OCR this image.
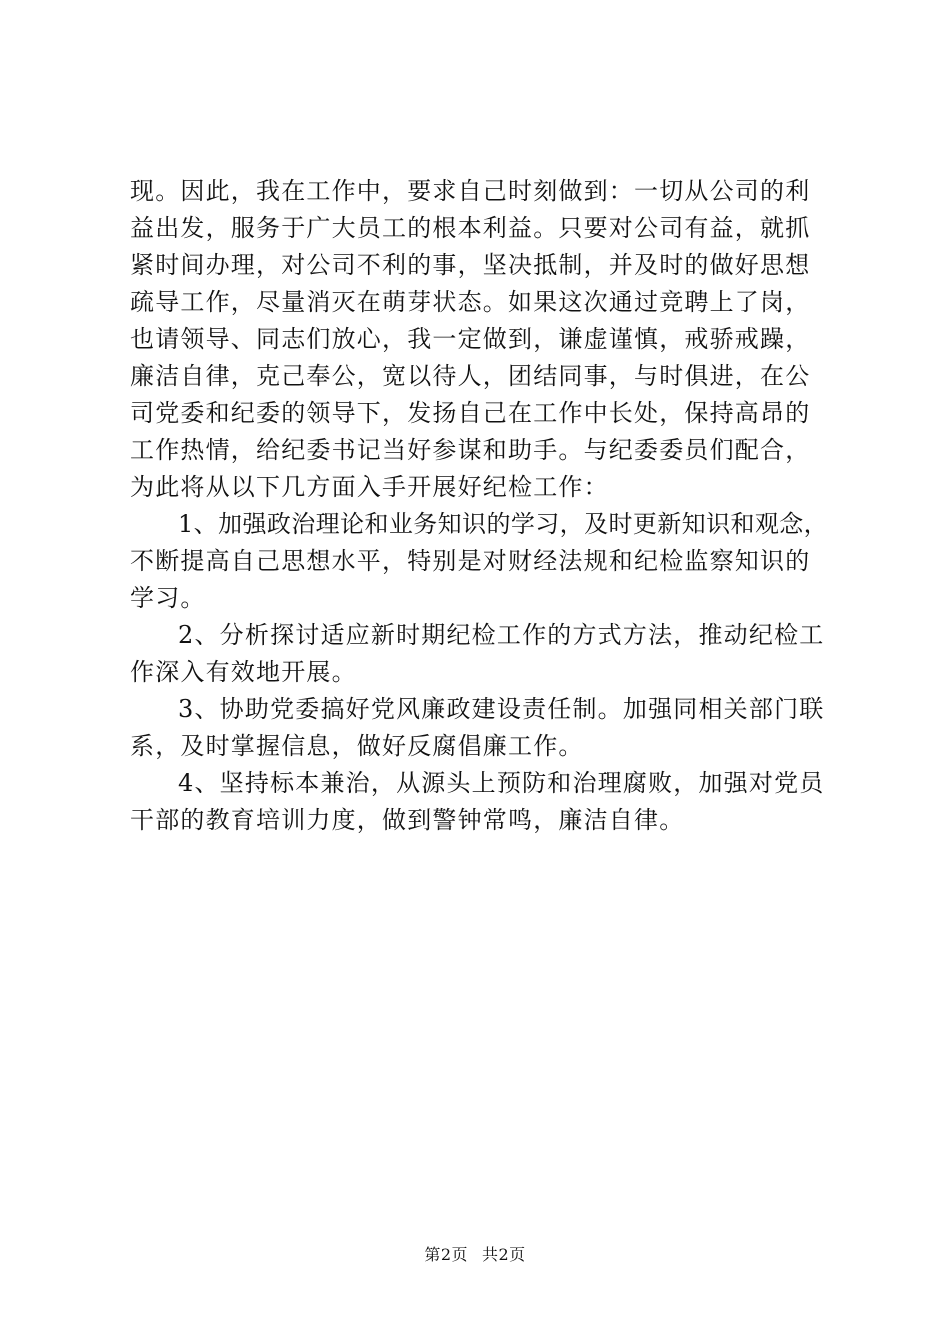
现。因此，我在工作中，要求自己时刻做到：一切从公司的利
益出发，服务于广大员工的根本利益。只要对公司有益，就抓
紧时间办理，对公司不利的事，坚决抵制，并及时的做好思想
疏导工作，尽量消灭在萌芽状态。如果这次通过竞聘上了岗，
也请领导、同志们放心，我一定做到，谦虚谨慎，戒骄戒躁，
廉洁自律，克己奉公，宽以待人，团结同事，与时俱进，在公
司党委和纪委的领导下，发扬自己在工作中长处，保持高昂的
工作热情，给纪委书记当好参谋和助手。与纪委委员们配合，
为此将从以下几方面入手开展好纪检工作：
1、加强政治理论和业务知识的学习，及时更新知识和观念，
不断提高自己思想水平，特别是对财经法规和纪检监察知识的
学习。
2、分析探讨适应新时期纪检工作的方式方法，推动纪检工
作深入有效地开展。
3、协助党委搞好党风廉政建设责任制。加强同相关部门联
系，及时掌握信息，做好反腐倡廉工作。
4、坚持标本兼治，从源头上预防和治理腐败，加强对党员
干部的教育培训力度，做到警钟常鸣，廉洁自律。
第2页 共2页
